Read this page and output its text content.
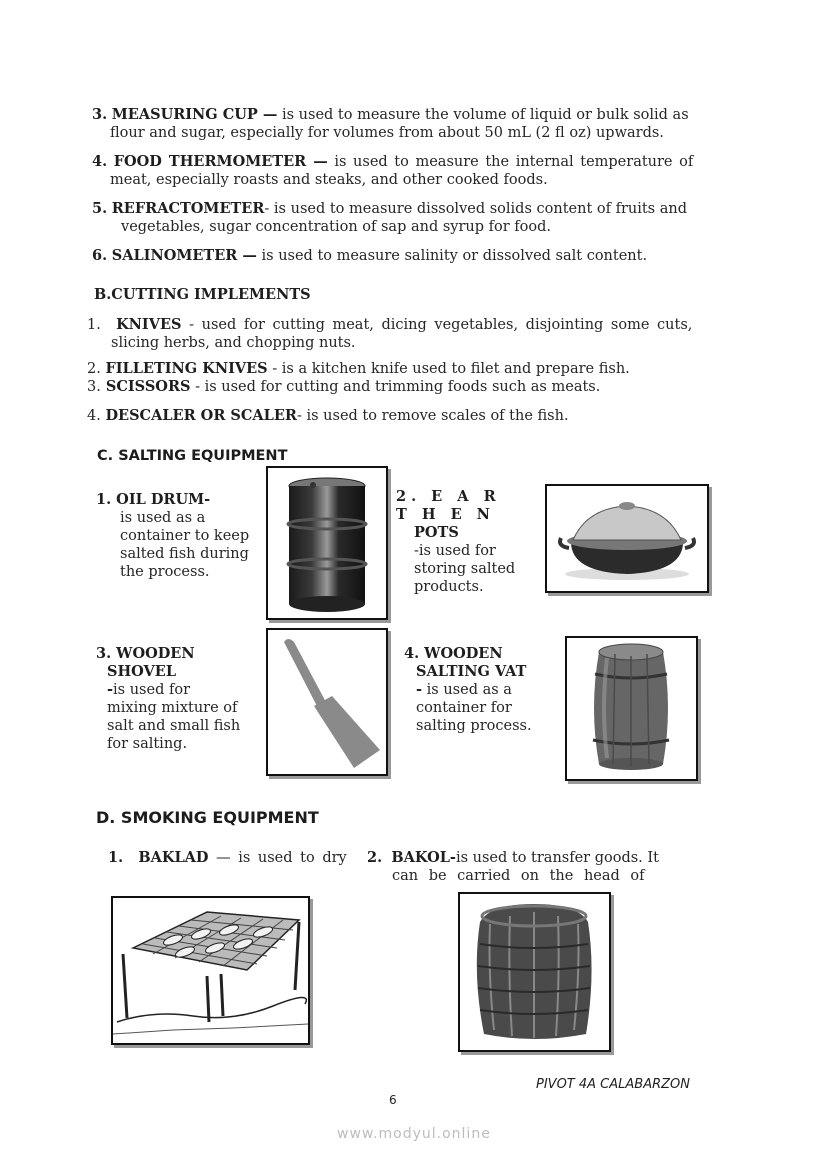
3. MEASURING CUP — is used to measure the volume of liquid or bulk solid as
flour and sugar, especially for volumes from about 50 mL (2 fl oz) upwards.
4. FOOD THERMOMETER — is used to measure the internal temperature of
meat, especially roasts and steaks, and other cooked foods.
5. REFRACTOMETER- is used to measure dissolved solids content of fruits and
vegetables, sugar concentration of sap and syrup for food.
6. SALINOMETER — is used to measure salinity or dissolved salt content.
B.CUTTING IMPLEMENTS
1. KNIVES - used for cutting meat, dicing vegetables, disjointing some cuts,
slicing herbs, and chopping nuts.
2. FILLETING KNIVES - is a kitchen knife used to filet and prepare fish.
3. SCISSORS - is used for cutting and trimming foods such as meats.
4. DESCALER OR SCALER- is used to remove scales of the fish.
C. SALTING EQUIPMENT
1. OIL DRUM-
is used as a
container to keep
salted fish during
the process.
2. E A R T H E N
POTS
-is used for
storing salted
products.
3. WOODEN
SHOVEL
-is used for
mixing mixture of
salt and small fish
for salting.
4. WOODEN
SALTING VAT
- is used as a
container for
salting process.
D. SMOKING EQUIPMENT
1. BAKLAD — is used to dry 2. BAKOL-is used to transfer goods. It
can be carried on the head of
PIVOT 4A CALABARZON
6
www.modyul.online
